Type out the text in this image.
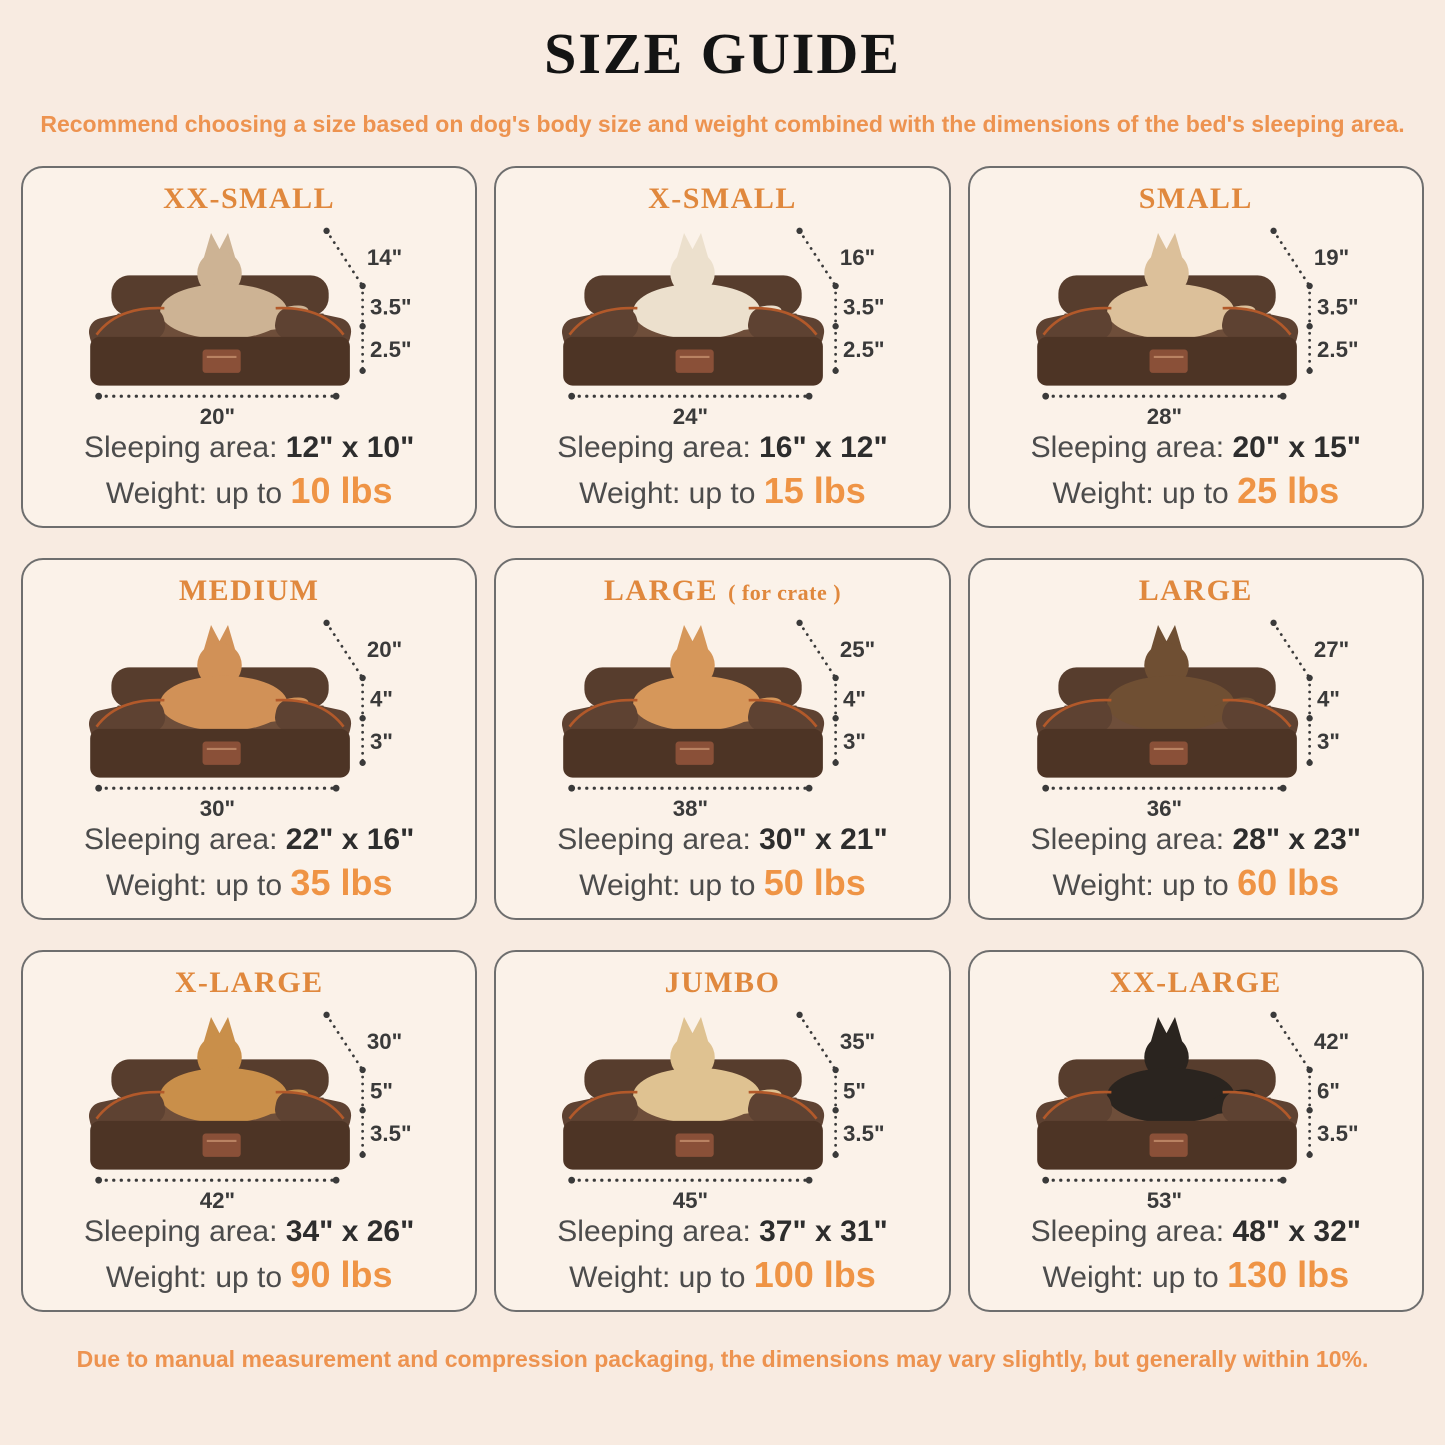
SIZE GUIDE
Recommend choosing a size based on dog's body size and weight combined with the dimensions of the bed's sleeping area.
XX-SMALL
14"
3.5"
2.5"
20"

Sleeping area: 12" x 10"

Weight: up to 10 lbs

X-SMALL
16"
3.5"
2.5"
24"

Sleeping area: 16" x 12"

Weight: up to 15 lbs

SMALL
19"
3.5"
2.5"
28"

Sleeping area: 20" x 15"

Weight: up to 25 lbs

MEDIUM
20"
4"
3"
30"

Sleeping area: 22" x 16"

Weight: up to 35 lbs

LARGE ( for crate )
25"
4"
3"
38"

Sleeping area: 30" x 21"

Weight: up to 50 lbs

LARGE
27"
4"
3"
36"

Sleeping area: 28" x 23"

Weight: up to 60 lbs

X-LARGE
30"
5"
3.5"
42"

Sleeping area: 34" x 26"

Weight: up to 90 lbs

JUMBO
35"
5"
3.5"
45"

Sleeping area: 37" x 31"

Weight: up to 100 lbs

XX-LARGE
42"
6"
3.5"
53"

Sleeping area: 48" x 32"

Weight: up to 130 lbs

Due to manual measurement and compression packaging, the dimensions may vary slightly, but generally within 10%.
